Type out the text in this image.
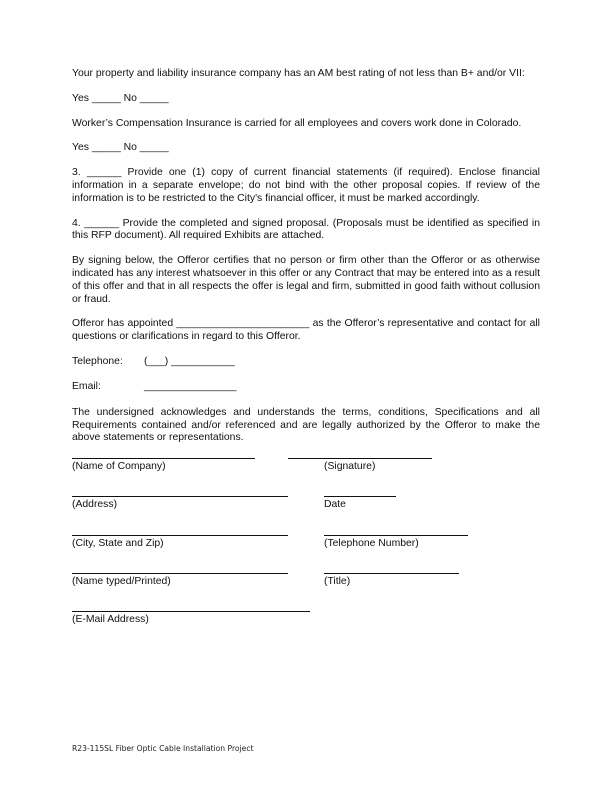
Your property and liability insurance company has an AM best rating of not less than B+ and/or VII:

Yes _____ No _____

Worker’s Compensation Insurance is carried for all employees and covers work done in Colorado.

Yes _____ No _____

3. ______ Provide one (1) copy of current financial statements (if required). Enclose financial information in a separate envelope; do not bind with the other proposal copies. If review of the information is to be restricted to the City's financial officer, it must be marked accordingly.

4. ______ Provide the completed and signed proposal. (Proposals must be identified as specified in this RFP document). All required Exhibits are attached.

By signing below, the Offeror certifies that no person or firm other than the Offeror or as otherwise indicated has any interest whatsoever in this offer or any Contract that may be entered into as a result of this offer and that in all respects the offer is legal and firm, submitted in good faith without collusion or fraud.

Offeror has appointed _______________________ as the Offeror’s representative and contact for all questions or clarifications in regard to this Offeror.

Telephone:	(___) ___________
Email:	________________

The undersigned acknowledges and understands the terms, conditions, Specifications and all Requirements contained and/or referenced and are legally authorized by the Offeror to make the above statements or representations.

(Name of Company)	(Signature)
(Address)	Date
(City, State and Zip)	(Telephone Number)
(Name typed/Printed)	(Title)
(E-Mail Address)
R23-115SL Fiber Optic Cable Installation Project
